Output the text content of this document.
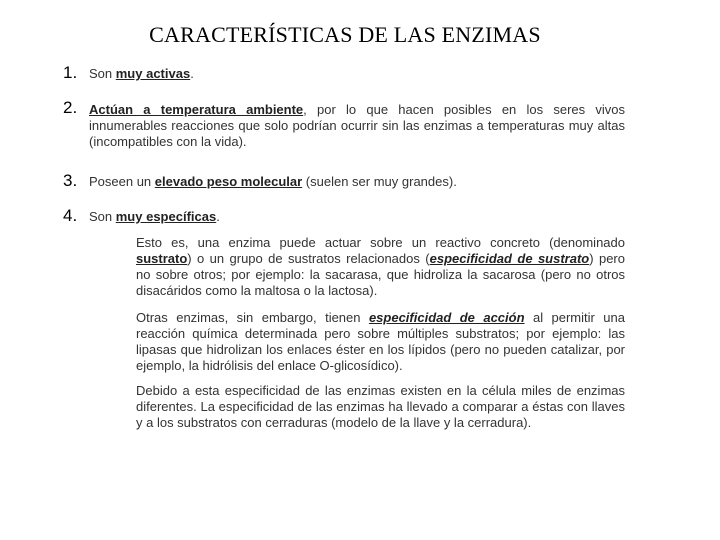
CARACTERÍSTICAS DE LAS ENZIMAS
1. Son muy activas.
2. Actúan a temperatura ambiente, por lo que hacen posibles en los seres vivos innumerables reacciones que solo podrían ocurrir sin las enzimas a temperaturas muy altas (incompatibles con la vida).
3. Poseen un elevado peso molecular (suelen ser muy grandes).
4. Son muy específicas.
Esto es, una enzima puede actuar sobre un reactivo concreto (denominado sustrato) o un grupo de sustratos relacionados (especificidad de sustrato) pero no sobre otros; por ejemplo: la sacarasa, que hidroliza la sacarosa (pero no otros disacáridos como la maltosa o la lactosa).
Otras enzimas, sin embargo, tienen especificidad de acción al permitir una reacción química determinada pero sobre múltiples substratos; por ejemplo: las lipasas que hidrolizan los enlaces éster en los lípidos (pero no pueden catalizar, por ejemplo, la hidrólisis del enlace O-glicosídico).
Debido a esta especificidad de las enzimas existen en la célula miles de enzimas diferentes. La especificidad de las enzimas ha llevado a comparar a éstas con llaves y a los substratos con cerraduras (modelo de la llave y la cerradura).
